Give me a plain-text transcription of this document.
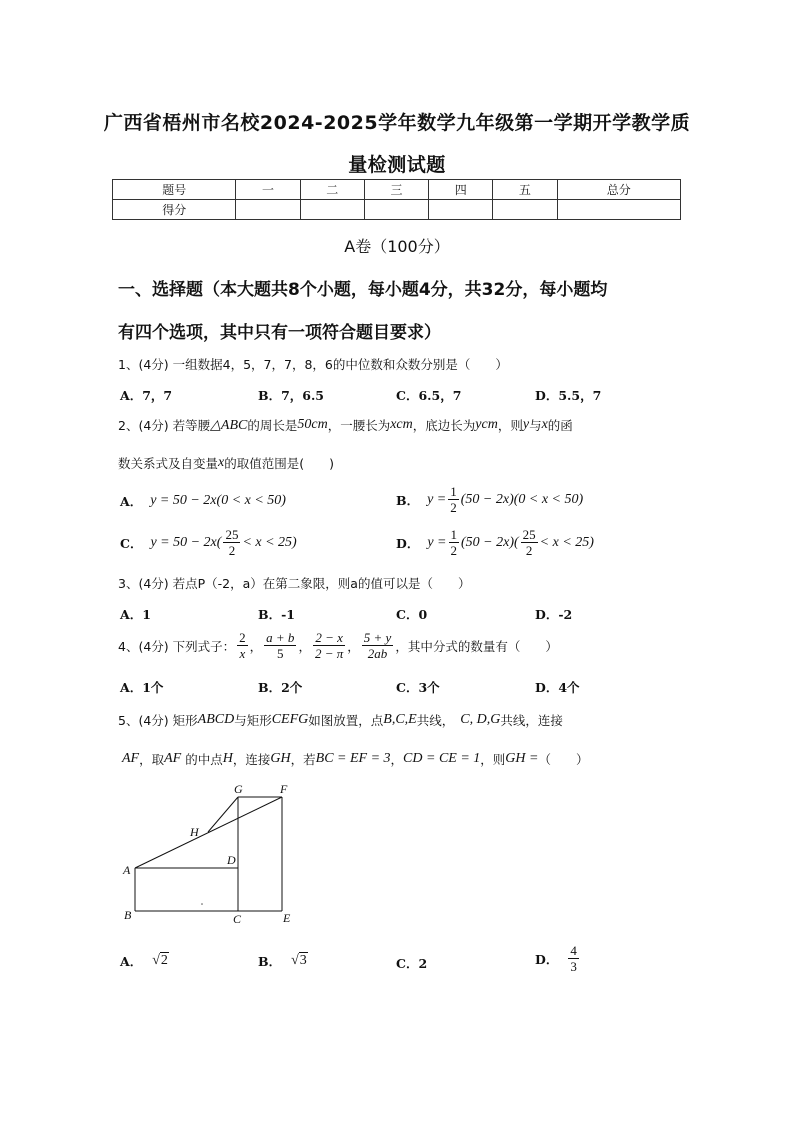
广西省梧州市名校2024-2025学年数学九年级第一学期开学教学质
量检测试题
题号	一	二	三	四	五	总分
得分						
A卷（100分）
一、选择题（本大题共8个小题，每小题4分，共32分，每小题均
有四个选项，其中只有一项符合题目要求）
1、(4分) 一组数据4，5，7，7，8，6的中位数和众数分别是（　　）
A．7，7	B．7，6.5	C．6.5，7	D．5.5，7
2、(4分) 若等腰 △ABC 的周长是 50cm ，一腰长为 xcm ，底边长为 ycm ，则 y 与 x 的函
数关系式及自变量 x 的取值范围是(　　)
A． y = 50 − 2x(0 < x < 50)	B． $y = \frac{1}{2} (50 - 2x)(0 < x < 50)$
C． $y = 50 - 2x( \frac{25}{2} < x < 25)$	D． $y = \frac{1}{2} (50 - 2x)( \frac{25}{2} < x < 25)$
3、(4分) 若点P（-2，a）在第二象限，则a的值可以是（　　）
A．1	B．-1	C．0	D．-2
4、(4分) 下列式子： $\frac{2}{x}$ ， $\frac{a + b}{5}$ ， $\frac{2 - x}{2 - \pi}$ ， $\frac{5 + y}{2ab}$ ，其中分式的数量有（　　）
A．1个	B．2个	C．3个	D．4个
5、(4分) 矩形 ABCD 与矩形 CEFG 如图放置，点 B,C,E 共线， C, D,G 共线，连接
AF ，取 AF 的中点 H ，连接 GH ，若 BC = EF = 3 ， CD = CE = 1 ，则 GH = （　　）
G	F
H
D
A
B	C	E
A． √2	B． √3	C．2	D． $\frac{4}{3}$
